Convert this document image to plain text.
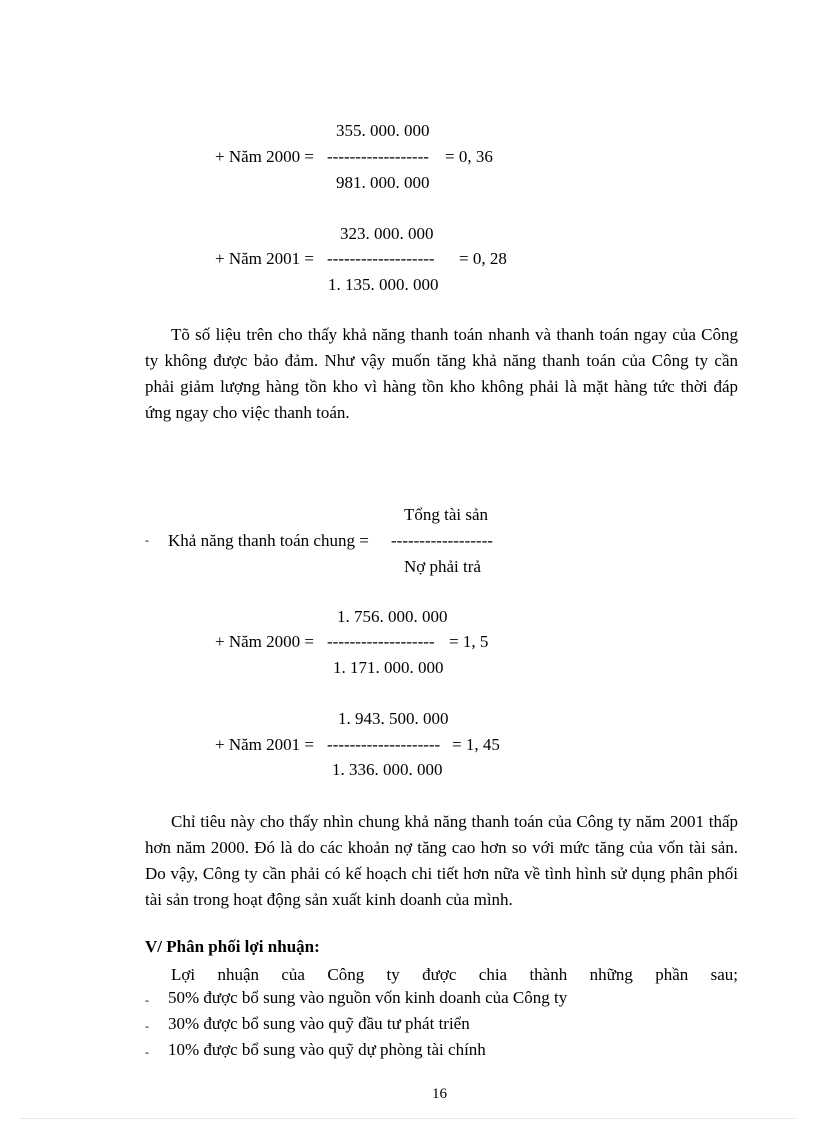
355. 000. 000
+ Năm 2000 = ------------------ = 0, 36
981. 000. 000
323. 000. 000
+ Năm 2001 = ------------------- = 0, 28
1. 135. 000. 000
Tõ số liệu trên cho thấy khả năng thanh toán nhanh và thanh toán ngay của Công ty không được bảo đảm. Như vậy muốn tăng khả năng thanh toán của Công ty cần phải giảm lượng hàng tồn kho vì hàng tồn kho không phải là mặt hàng tức thời đáp ứng ngay cho việc thanh toán.
Tổng tài sản
- Khả năng thanh toán chung = ------------------
Nợ phải trả
1. 756. 000. 000
+ Năm 2000 = ------------------- = 1, 5
1. 171. 000. 000
1. 943. 500. 000
+ Năm 2001 = -------------------- = 1, 45
1. 336. 000. 000
Chỉ tiêu này cho thấy nhìn chung khả năng thanh toán của Công ty năm 2001 thấp hơn năm 2000. Đó là do các khoản nợ tăng cao hơn so với mức tăng của vốn tài sản. Do vậy, Công ty cần phải có kế hoạch chi tiết hơn nữa về tình hình sử dụng phân phối tài sản trong hoạt động sản xuất kinh doanh của mình.
V/ Phân phối lợi nhuận:
Lợi nhuận của Công ty được chia thành những phần sau;
- 50% được bổ sung vào nguồn vốn kinh doanh của Công ty
- 30% được bổ sung vào quỹ đầu tư phát triển
- 10% được bổ sung vào quỹ dự phòng tài chính
16
